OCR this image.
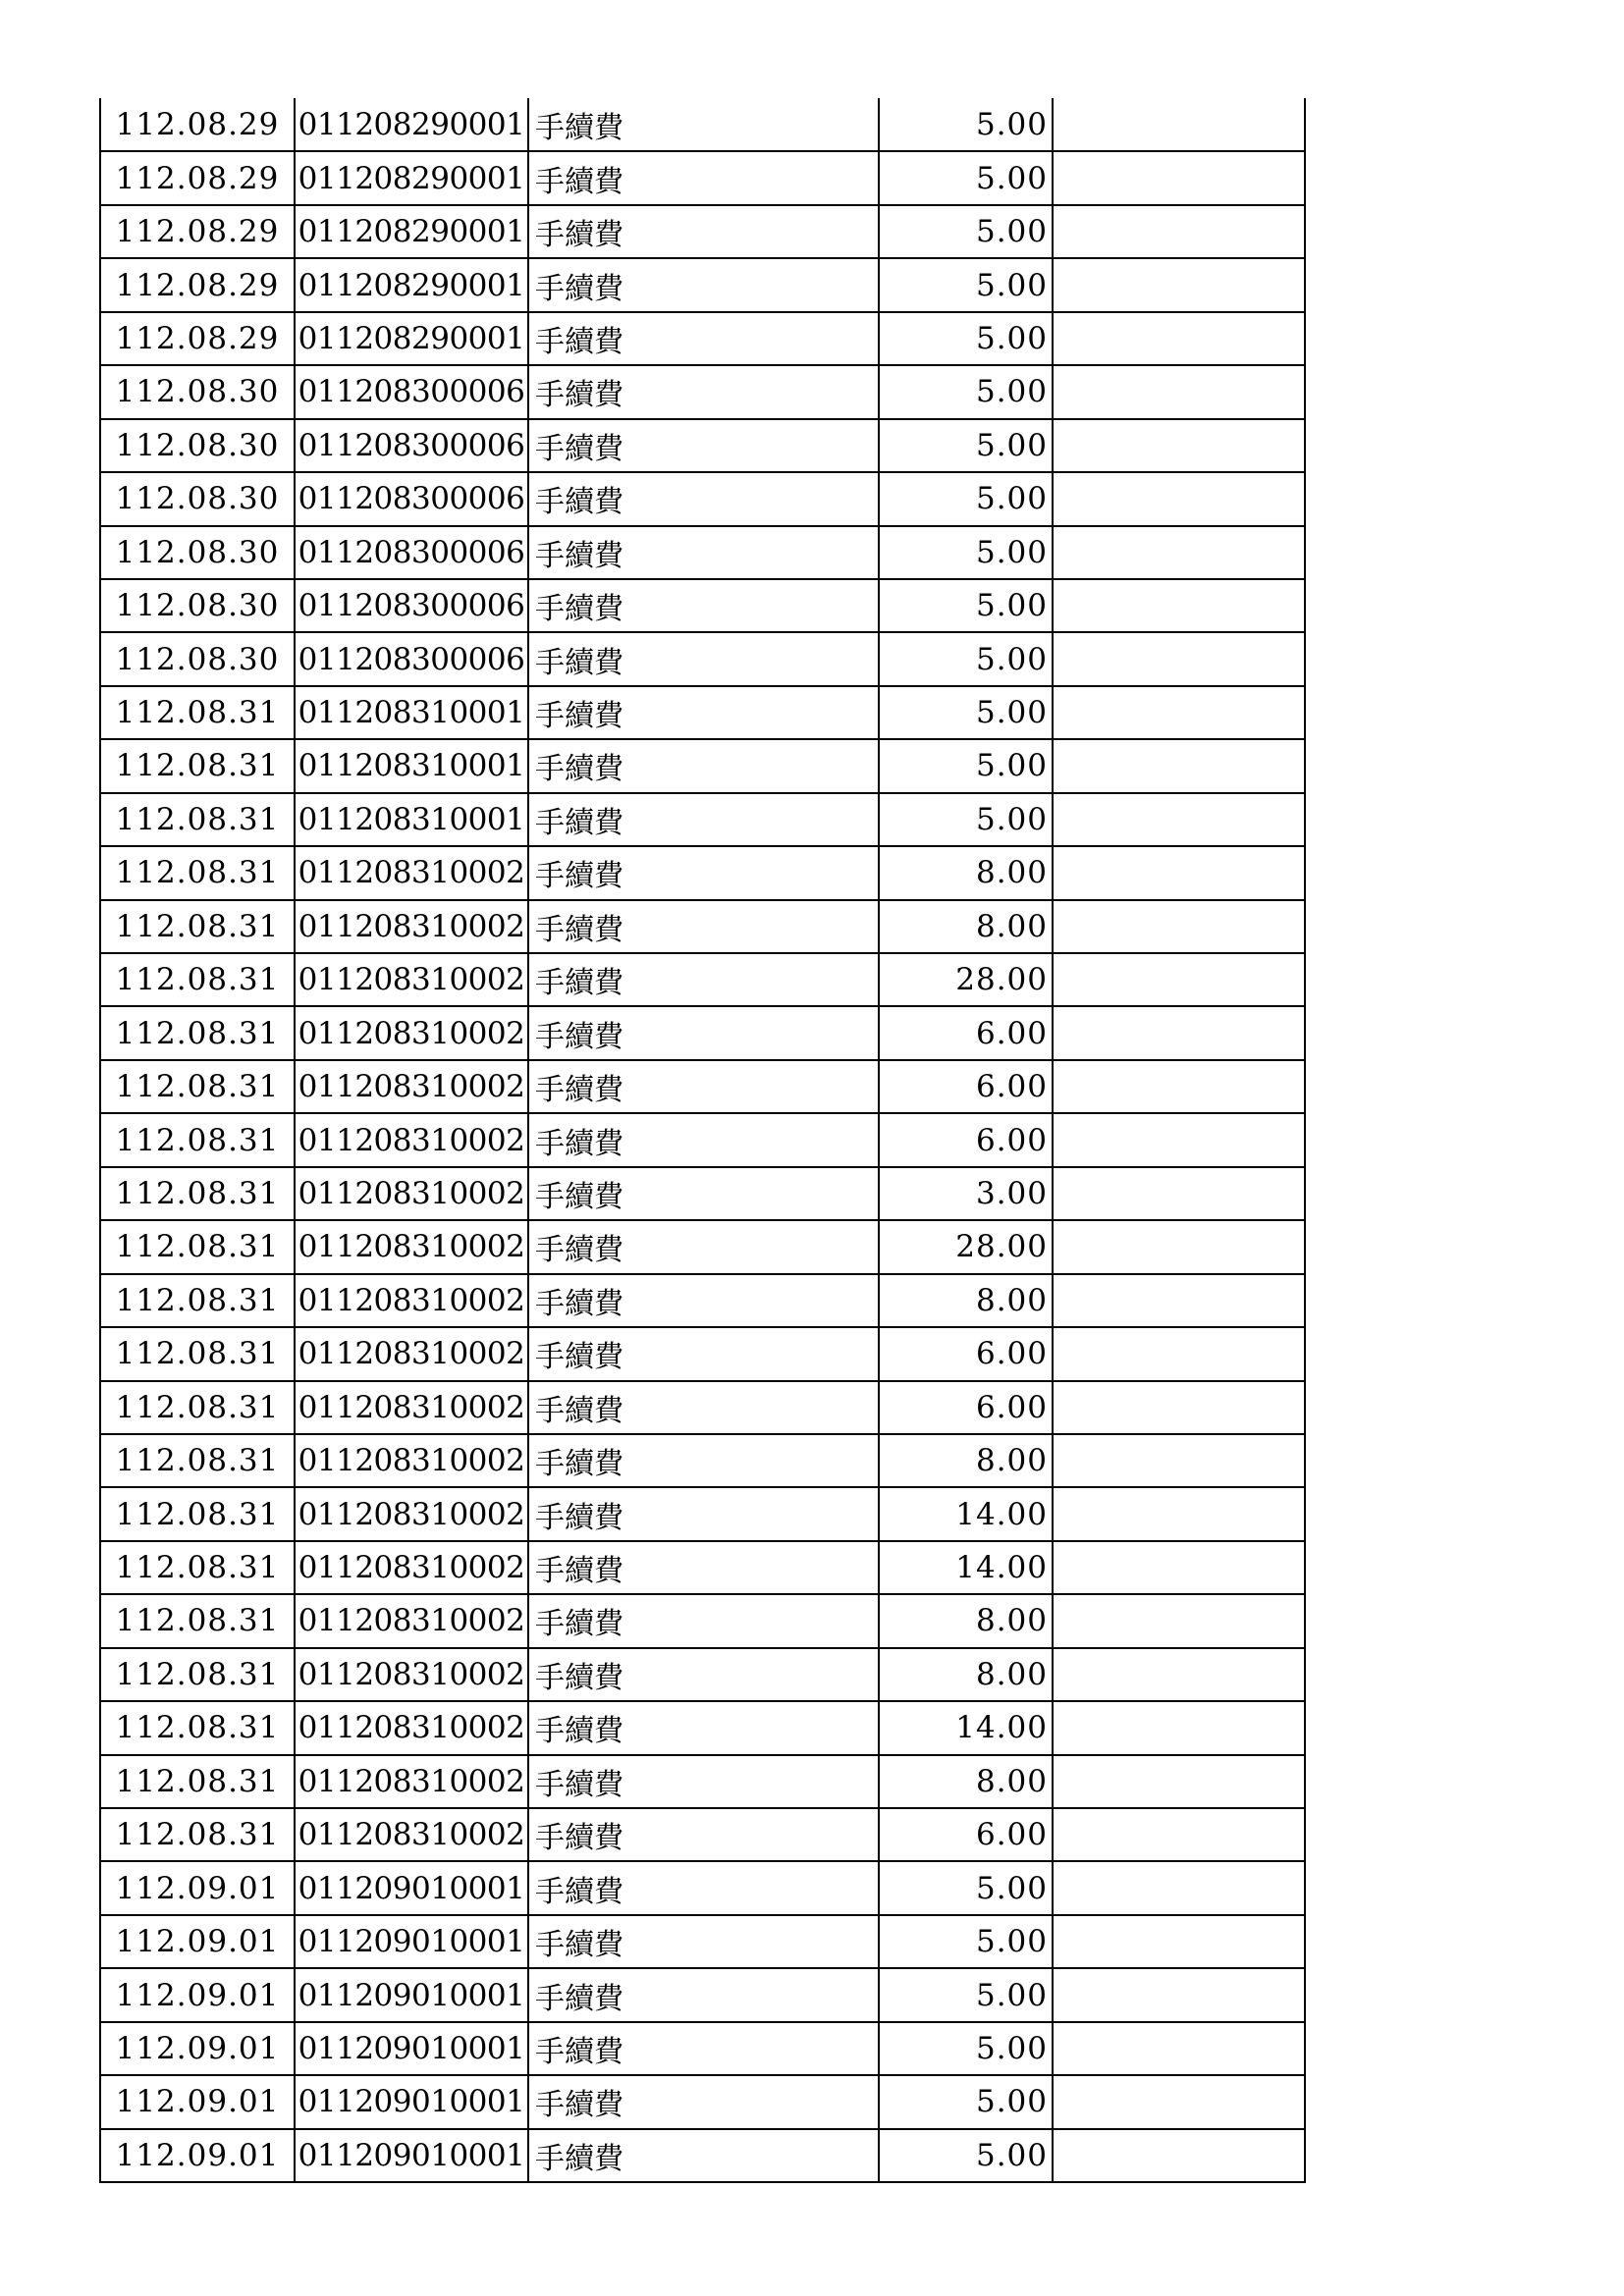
112.08.29	011208290001	手續費	5.00	
112.08.29	011208290001	手續費	5.00	
112.08.29	011208290001	手續費	5.00	
112.08.29	011208290001	手續費	5.00	
112.08.29	011208290001	手續費	5.00	
112.08.30	011208300006	手續費	5.00	
112.08.30	011208300006	手續費	5.00	
112.08.30	011208300006	手續費	5.00	
112.08.30	011208300006	手續費	5.00	
112.08.30	011208300006	手續費	5.00	
112.08.30	011208300006	手續費	5.00	
112.08.31	011208310001	手續費	5.00	
112.08.31	011208310001	手續費	5.00	
112.08.31	011208310001	手續費	5.00	
112.08.31	011208310002	手續費	8.00	
112.08.31	011208310002	手續費	8.00	
112.08.31	011208310002	手續費	28.00	
112.08.31	011208310002	手續費	6.00	
112.08.31	011208310002	手續費	6.00	
112.08.31	011208310002	手續費	6.00	
112.08.31	011208310002	手續費	3.00	
112.08.31	011208310002	手續費	28.00	
112.08.31	011208310002	手續費	8.00	
112.08.31	011208310002	手續費	6.00	
112.08.31	011208310002	手續費	6.00	
112.08.31	011208310002	手續費	8.00	
112.08.31	011208310002	手續費	14.00	
112.08.31	011208310002	手續費	14.00	
112.08.31	011208310002	手續費	8.00	
112.08.31	011208310002	手續費	8.00	
112.08.31	011208310002	手續費	14.00	
112.08.31	011208310002	手續費	8.00	
112.08.31	011208310002	手續費	6.00	
112.09.01	011209010001	手續費	5.00	
112.09.01	011209010001	手續費	5.00	
112.09.01	011209010001	手續費	5.00	
112.09.01	011209010001	手續費	5.00	
112.09.01	011209010001	手續費	5.00	
112.09.01	011209010001	手續費	5.00	
